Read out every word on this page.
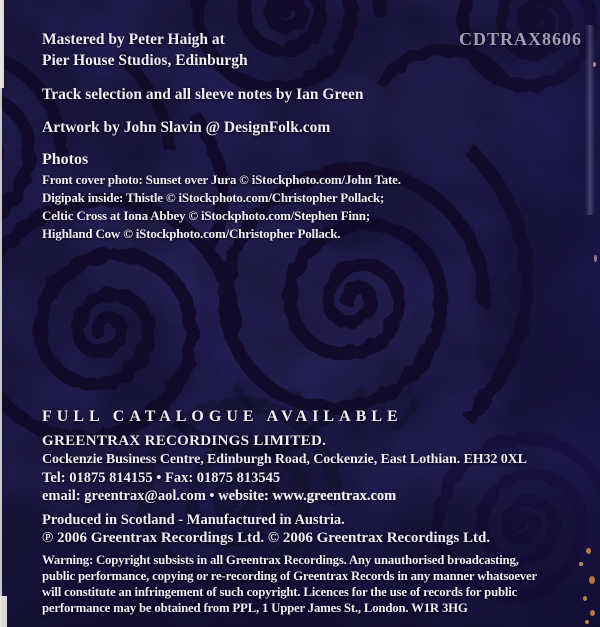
Mastered by Peter Haigh at
Pier House Studios, Edinburgh
CDTRAX8606
Track selection and all sleeve notes by Ian Green
Artwork by John Slavin @ DesignFolk.com
Photos
Front cover photo: Sunset over Jura © iStockphoto.com/John Tate.
Digipak inside: Thistle © iStockphoto.com/Christopher Pollack;
Celtic Cross at Iona Abbey © iStockphoto.com/Stephen Finn;
Highland Cow © iStockphoto.com/Christopher Pollack.
FULL CATALOGUE AVAILABLE
GREENTRAX RECORDINGS LIMITED.
Cockenzie Business Centre, Edinburgh Road, Cockenzie, East Lothian. EH32 0XL
Tel: 01875 814155 • Fax: 01875 813545
email: greentrax@aol.com • website: www.greentrax.com
Produced in Scotland - Manufactured in Austria.
℗ 2006 Greentrax Recordings Ltd. © 2006 Greentrax Recordings Ltd.
Warning: Copyright subsists in all Greentrax Recordings. Any unauthorised broadcasting,
public performance, copying or re-recording of Greentrax Records in any manner whatsoever
will constitute an infringement of such copyright. Licences for the use of records for public
performance may be obtained from PPL, 1 Upper James St., London. W1R 3HG
